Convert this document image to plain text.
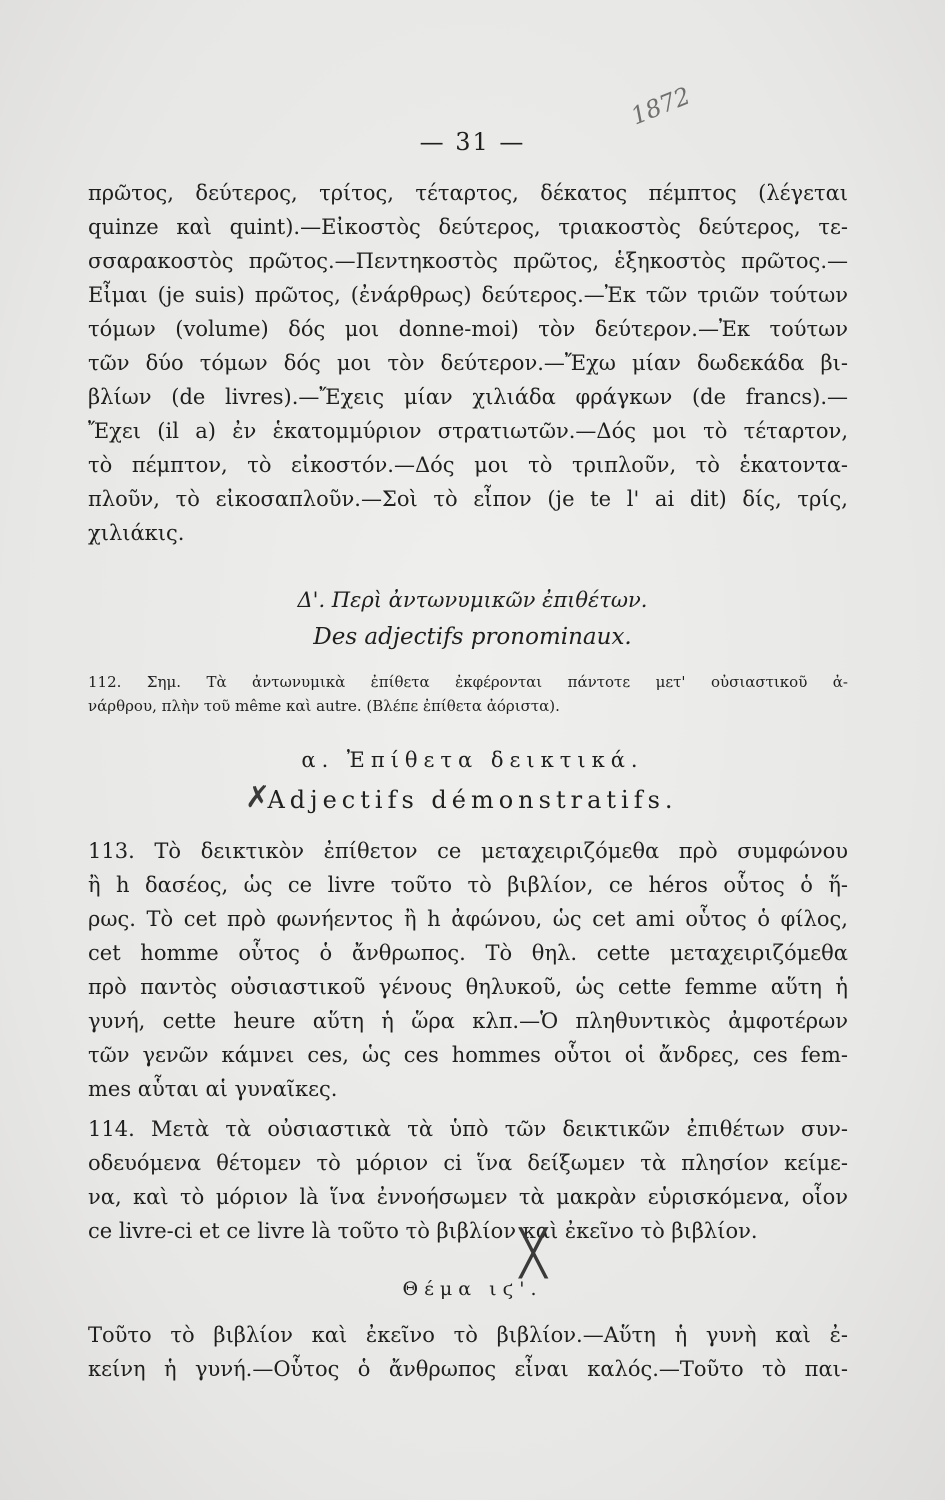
1872
— 31 —
πρῶτος, δεύτερος, τρίτος, τέταρτος, δέκατος πέμπτος (λέγεται
quinze καὶ quint).—Εἰκοστὸς δεύτερος, τριακοστὸς δεύτερος, τε-
σσαρακοστὸς πρῶτος.—Πεντηκοστὸς πρῶτος, ἑξηκοστὸς πρῶτος.—
Εἶμαι (je suis) πρῶτος, (ἐνάρθρως) δεύτερος.—Ἐκ τῶν τριῶν τούτων
τόμων (volume) δός μοι donne-moi) τὸν δεύτερον.—Ἐκ τούτων
τῶν δύο τόμων δός μοι τὸν δεύτερον.—Ἔχω μίαν δωδεκάδα βι-
βλίων (de livres).—Ἔχεις μίαν χιλιάδα φράγκων (de francs).—
Ἔχει (il a) ἐν ἑκατομμύριον στρατιωτῶν.—Δός μοι τὸ τέταρτον,
τὸ πέμπτον, τὸ εἰκοστόν.—Δός μοι τὸ τριπλοῦν, τὸ ἑκατοντα-
πλοῦν, τὸ εἰκοσαπλοῦν.—Σοὶ τὸ εἶπον (je te l' ai dit) δίς, τρίς,
χιλιάκις.
Δ'. Περὶ ἀντωνυμικῶν ἐπιθέτων.
Des adjectifs pronominaux.
112. Σημ. Τὰ ἀντωνυμικὰ ἐπίθετα ἐκφέρονται πάντοτε μετ' οὐσιαστικοῦ ἀ-
νάρθρου, πλὴν τοῦ même καὶ autre. (Βλέπε ἐπίθετα ἀόριστα).
α. Ἐπίθετα δεικτικά.
✗
Adjectifs démonstratifs.
113. Τὸ δεικτικὸν ἐπίθετον ce μεταχειριζόμεθα πρὸ συμφώνου
ἢ h δασέος, ὡς ce livre τοῦτο τὸ βιβλίον, ce héros οὗτος ὁ ἥ-
ρως. Τὸ cet πρὸ φωνήεντος ἢ h ἀφώνου, ὡς cet ami οὗτος ὁ φίλος,
cet homme οὗτος ὁ ἄνθρωπος. Τὸ θηλ. cette μεταχειριζόμεθα
πρὸ παντὸς οὐσιαστικοῦ γένους θηλυκοῦ, ὡς cette femme αὕτη ἡ
γυνή, cette heure αὕτη ἡ ὥρα κλπ.—Ὁ πληθυντικὸς ἀμφοτέρων
τῶν γενῶν κάμνει ces, ὡς ces hommes οὗτοι οἱ ἄνδρες, ces fem-
mes αὗται αἱ γυναῖκες.
114. Μετὰ τὰ οὐσιαστικὰ τὰ ὑπὸ τῶν δεικτικῶν ἐπιθέτων συν-
οδευόμενα θέτομεν τὸ μόριον ci ἵνα δείξωμεν τὰ πλησίον κείμε-
να, καὶ τὸ μόριον là ἵνα ἐννοήσωμεν τὰ μακρὰν εὑρισκόμενα, οἷον
ce livre-ci et ce livre là τοῦτο τὸ βιβλίον καὶ ἐκεῖνο τὸ βιβλίον.
Θέμα ιϛ'.
╳
Τοῦτο τὸ βιβλίον καὶ ἐκεῖνο τὸ βιβλίον.—Αὕτη ἡ γυνὴ καὶ ἐ-
κείνη ἡ γυνή.—Οὗτος ὁ ἄνθρωπος εἶναι καλός.—Τοῦτο τὸ παι-
